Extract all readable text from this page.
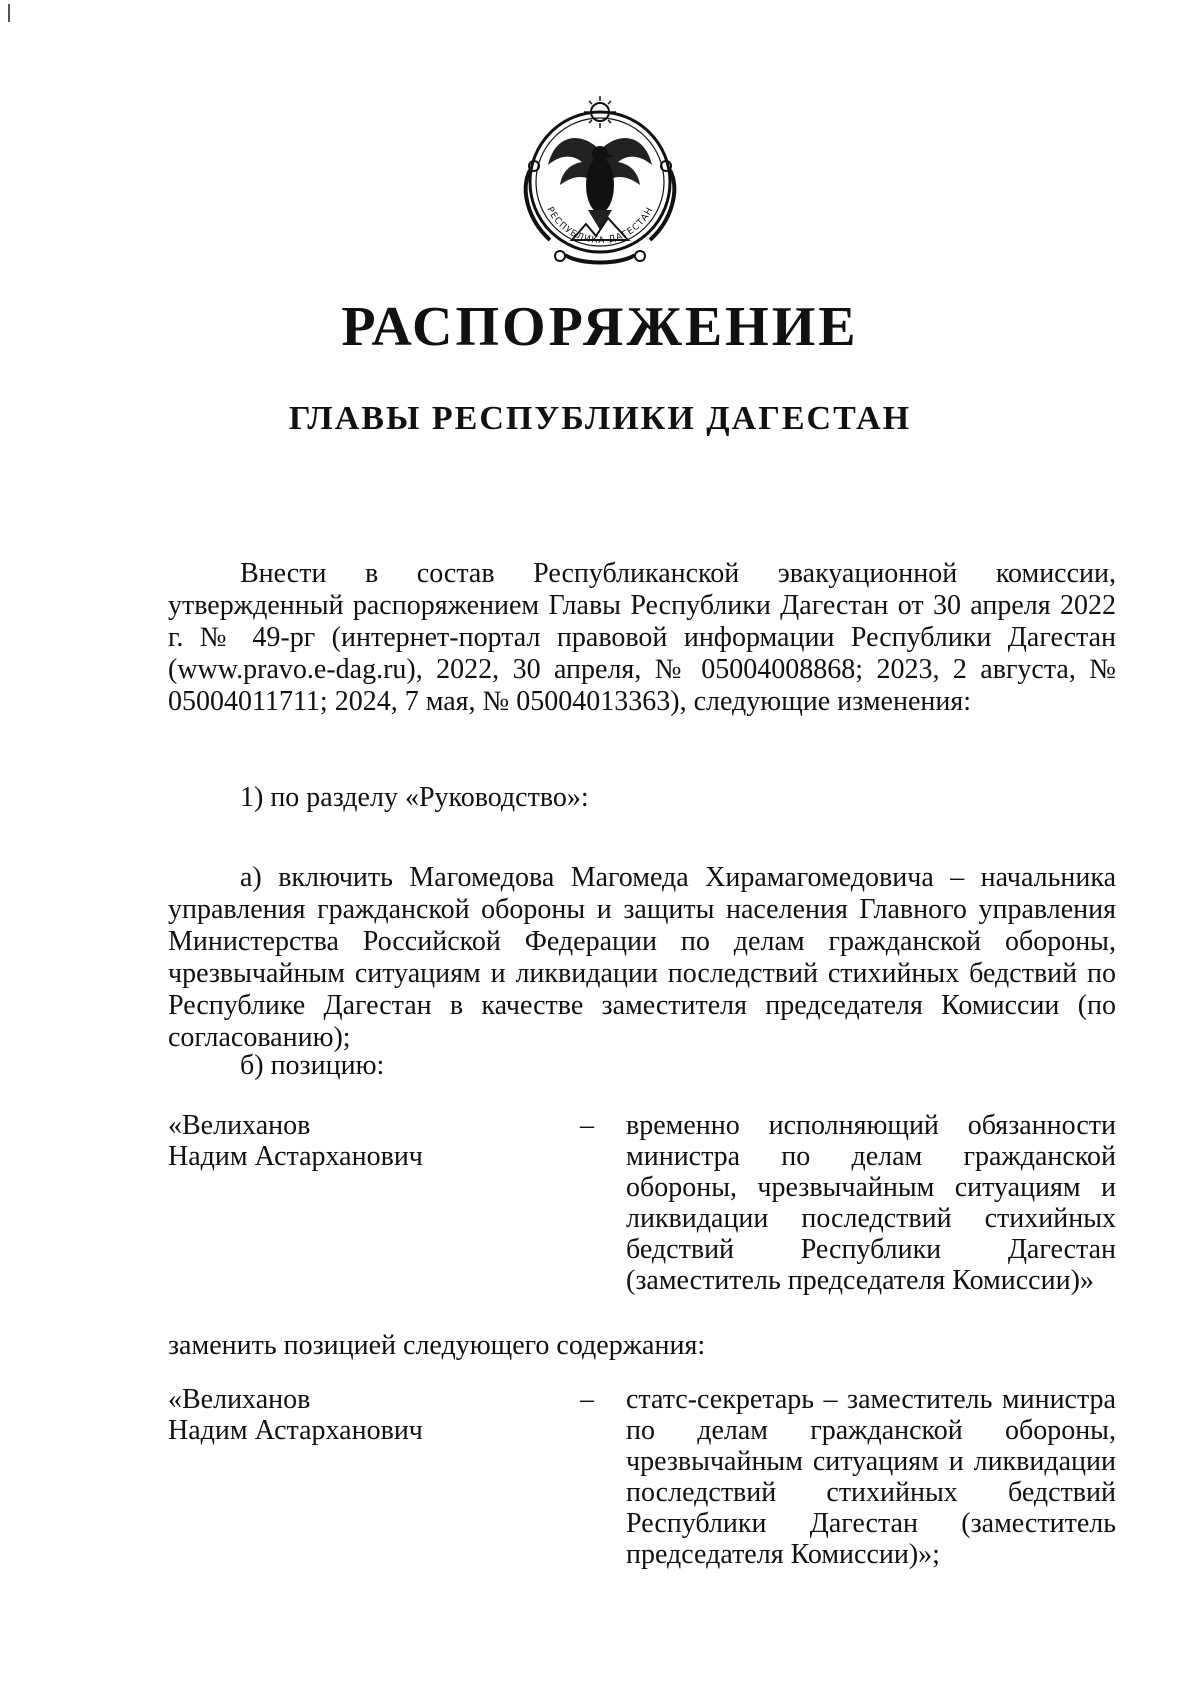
РЕСПУБЛИКА ДАГЕСТАН
РАСПОРЯЖЕНИЕ
ГЛАВЫ РЕСПУБЛИКИ ДАГЕСТАН

Внести в состав Республиканской эвакуационной комиссии, утвержденный распоряжением Главы Республики Дагестан от 30 апреля 2022 г. № 49-рг (интернет-портал правовой информации Республики Дагестан (www.pravo.e-dag.ru), 2022, 30 апреля, № 05004008868; 2023, 2 августа, № 05004011711; 2024, 7 мая, № 05004013363), следующие изменения:

1) по разделу «Руководство»:

а) включить Магомедова Магомеда Хирамагомедовича – начальника управления гражданской обороны и защиты населения Главного управления Министерства Российской Федерации по делам гражданской обороны, чрезвычайным ситуациям и ликвидации последствий стихийных бедствий по Республике Дагестан в качестве заместителя председателя Комиссии (по согласованию);

б) позицию:

«Велиханов
Надим Астарханович
– временно исполняющий обязанности министра по делам гражданской обороны, чрезвычайным ситуациям и ликвидации последствий стихийных бедствий Республики Дагестан (заместитель председателя Комиссии)»

заменить позицией следующего содержания:

«Велиханов
Надим Астарханович
– статс-секретарь – заместитель министра по делам гражданской обороны, чрезвычайным ситуациям и ликвидации последствий стихийных бедствий Республики Дагестан (заместитель председателя Комиссии)»;
